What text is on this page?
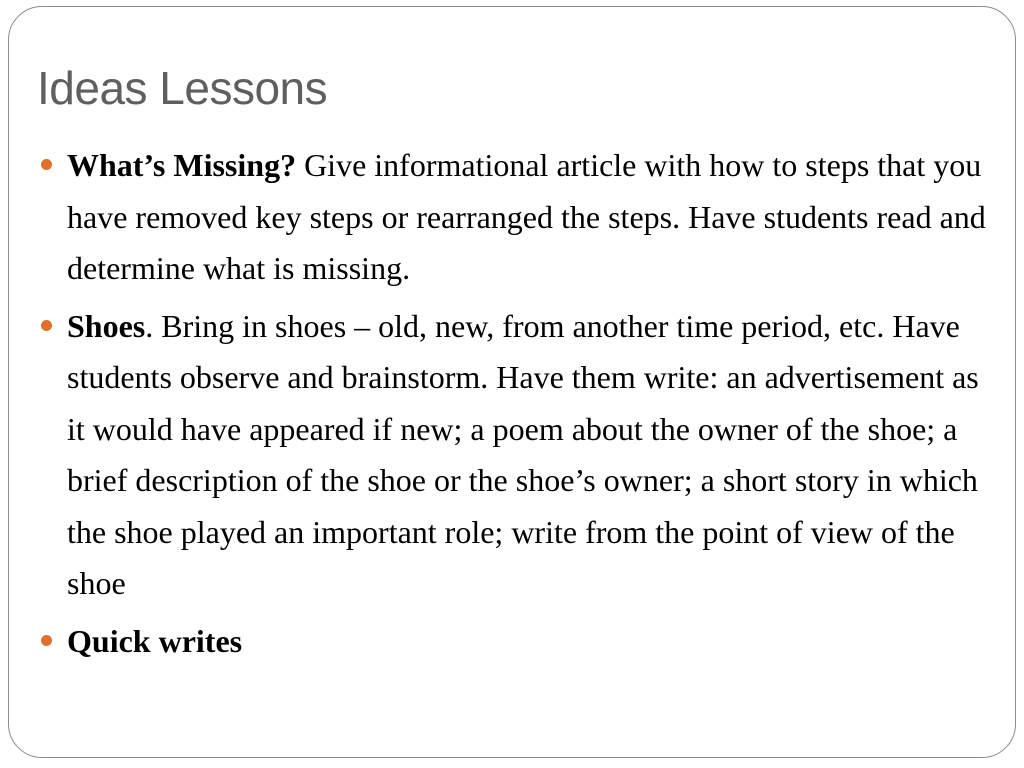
Ideas Lessons
What’s Missing? Give informational article with how to steps that you have removed key steps or rearranged the steps. Have students read and determine what is missing.
Shoes. Bring in shoes – old, new, from another time period, etc. Have students observe and brainstorm. Have them write: an advertisement as it would have appeared if new; a poem about the owner of the shoe; a brief description of the shoe or the shoe’s owner; a short story in which the shoe played an important role; write from the point of view of the shoe
Quick writes
